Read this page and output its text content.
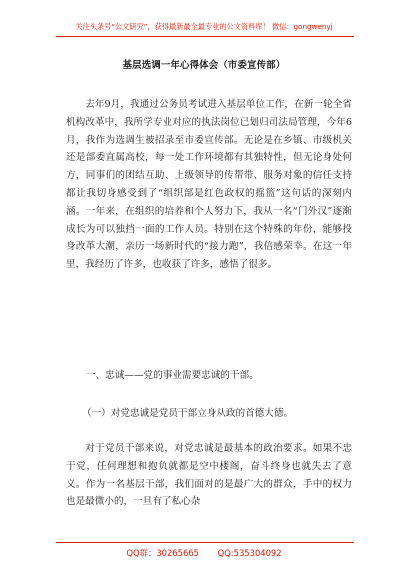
关注头条号“公文研究”，获得最新最全最专业的公文资料库！ 微信：gongwenyj
基层选调一年心得体会（市委宣传部）

去年9月，我通过公务员考试进入基层单位工作，在新一轮全省机构改革中，我所学专业对应的执法岗位已划归司法局管理，今年6月，我作为选调生被招录至市委宣传部。无论是在乡镇、市级机关还是部委直属高校，每一处工作环境都有其独特性，但无论身处何方，同事们的团结互助、上级领导的传帮带、服务对象的信任支持都让我切身感受到了“组织部是红色政权的摇篮”这句话的深刻内涵。一年来，在组织的培养和个人努力下，我从一名“门外汉”逐渐成长为可以独挡一面的工作人员。特别在这个特殊的年份，能够投身改革大潮，亲历一场新时代的“接力跑”，我倍感荣幸。在这一年里，我经历了许多，也收获了许多，感悟了很多。

一、忠诚——党的事业需要忠诚的干部。
（一）对党忠诚是党员干部立身从政的首德大德。

对于党员干部来说，对党忠诚是最基本的政治要求。如果不忠于党，任何理想和抱负就都是空中楼阁，奋斗终身也就失去了意义。作为一名基层干部，我们面对的是最广大的群众，手中的权力也是最微小的，一旦有了私心杂

QQ群：30265665 QQ:535304092
